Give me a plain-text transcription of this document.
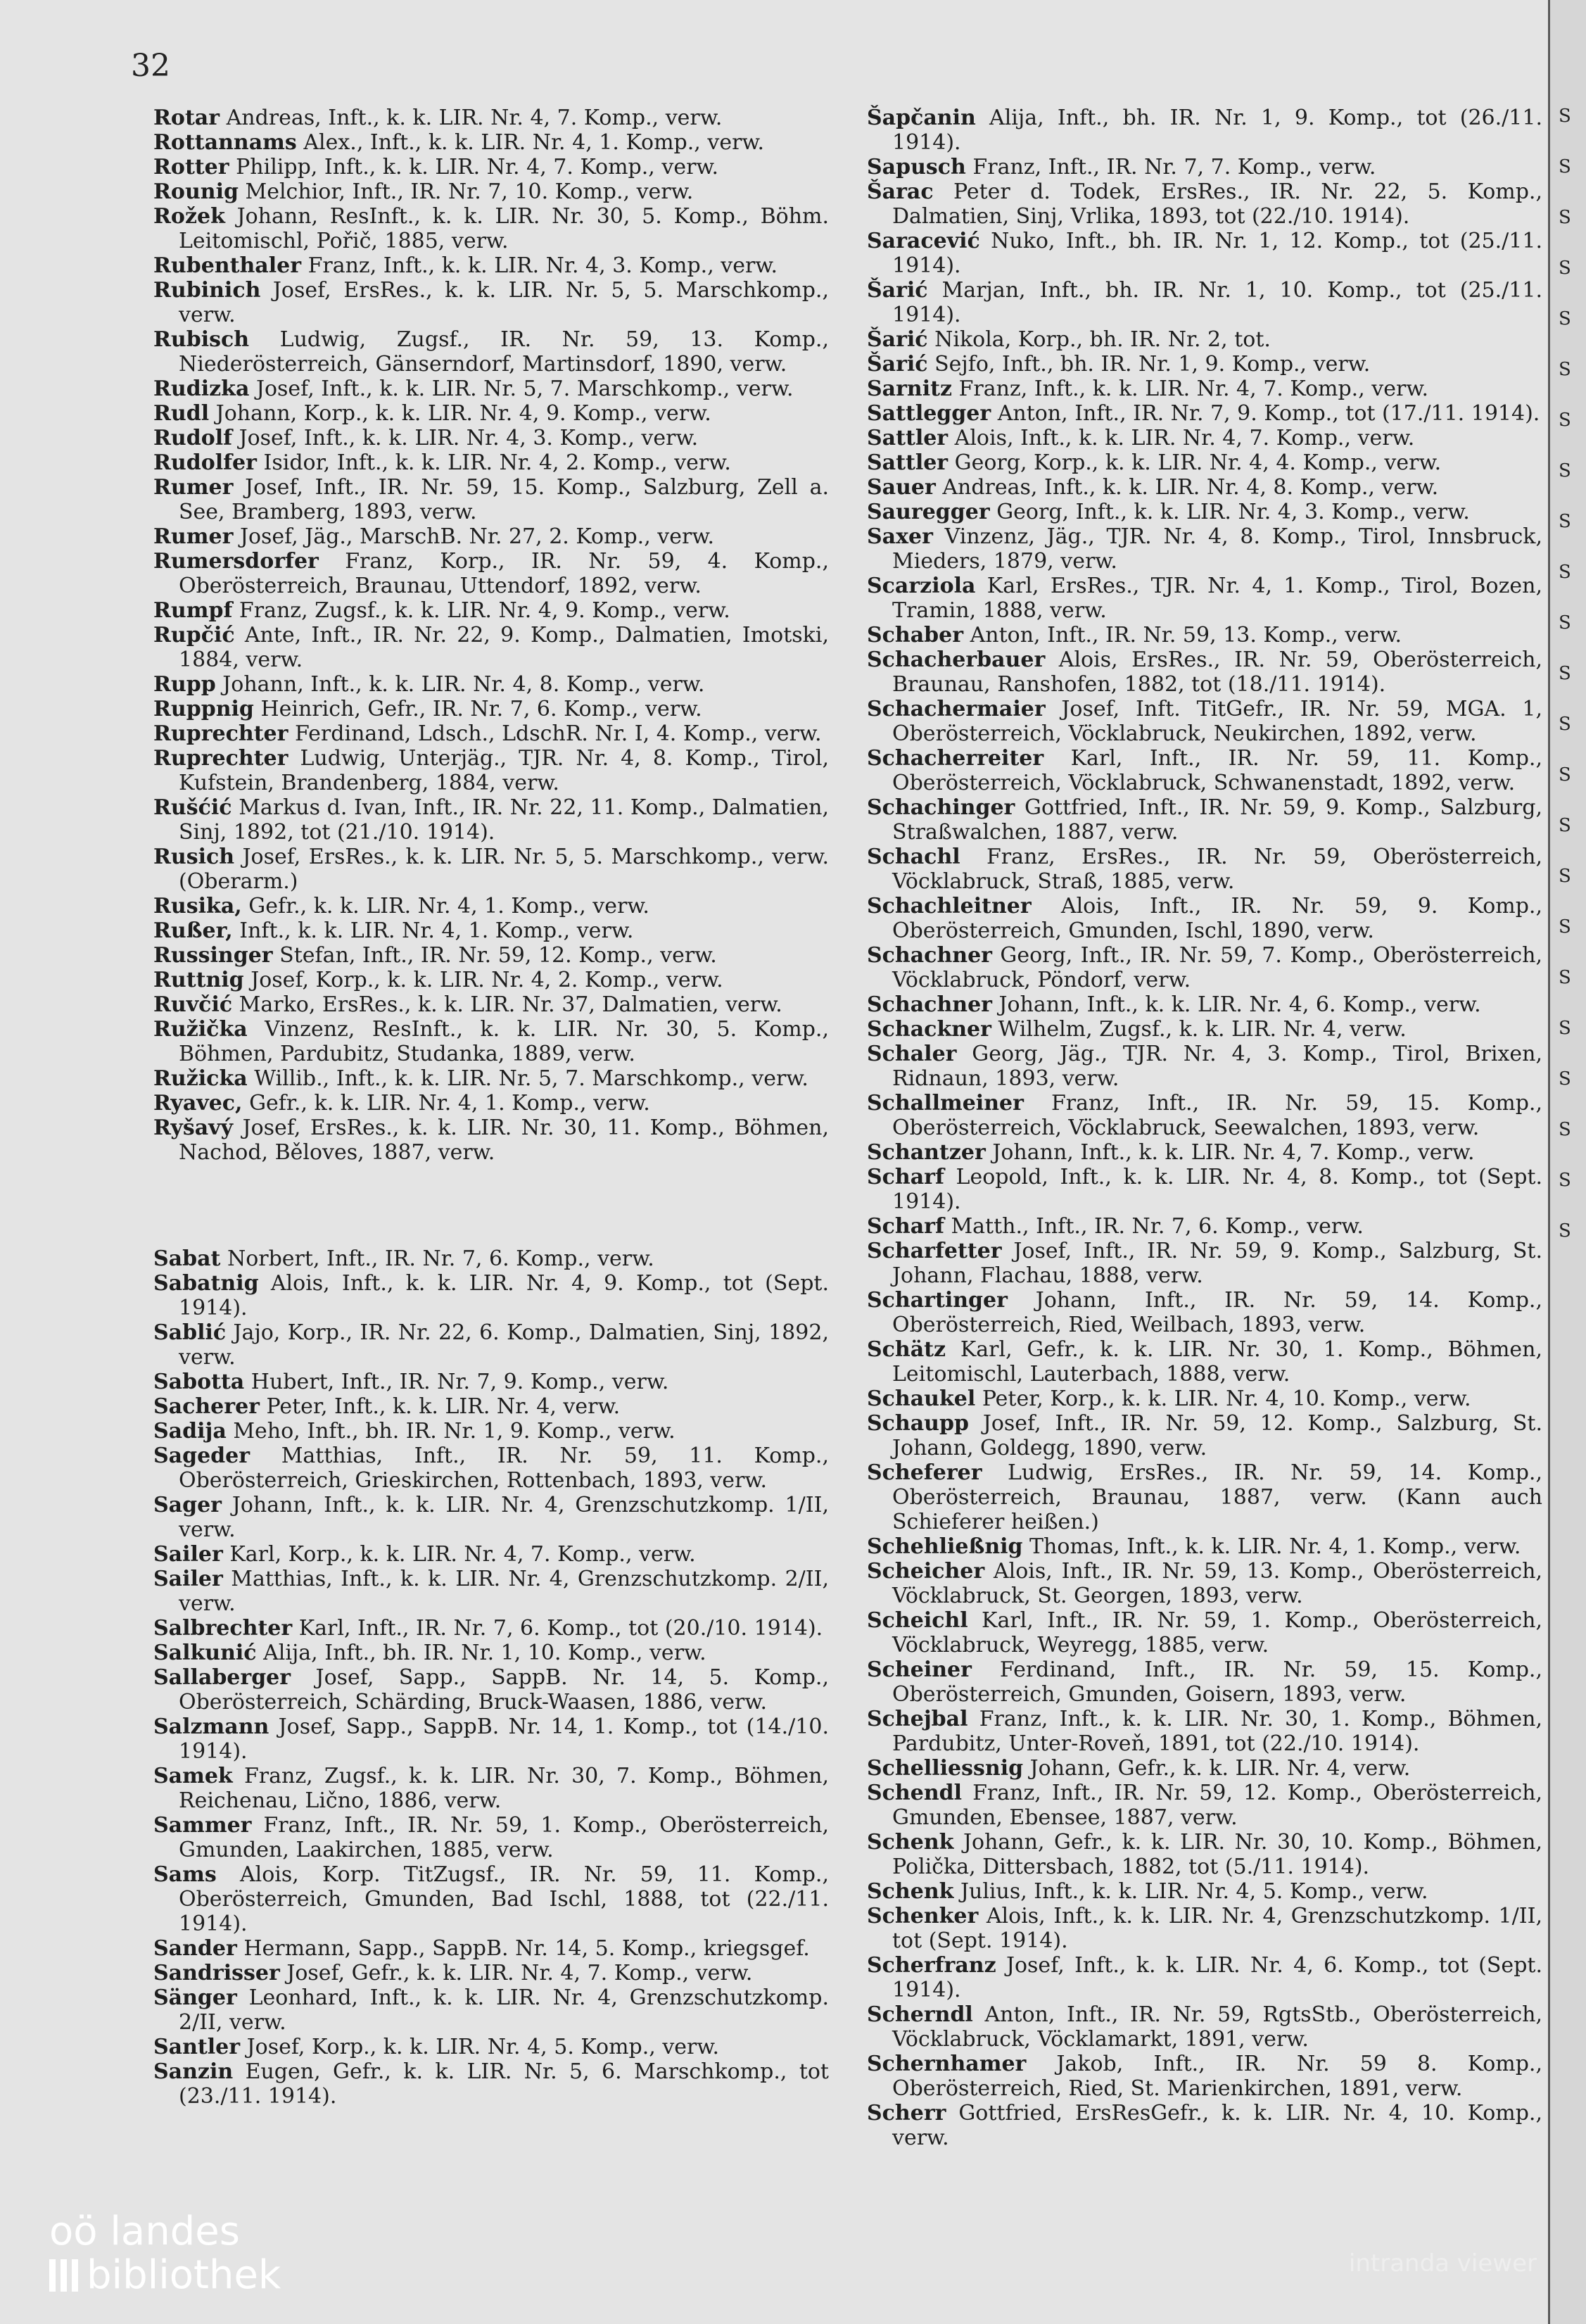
32

Rotar Andreas, Inft., k. k. LIR. Nr. 4, 7. Komp., verw.

Rottannams Alex., Inft., k. k. LIR. Nr. 4, 1. Komp., verw.

Rotter Philipp, Inft., k. k. LIR. Nr. 4, 7. Komp., verw.

Rounig Melchior, Inft., IR. Nr. 7, 10. Komp., verw.

Rožek Johann, ResInft., k. k. LIR. Nr. 30, 5. Komp., Böhm. Leitomischl, Pořič, 1885, verw.

Rubenthaler Franz, Inft., k. k. LIR. Nr. 4, 3. Komp., verw.

Rubinich Josef, ErsRes., k. k. LIR. Nr. 5, 5. Marschkomp., verw.

Rubisch Ludwig, Zugsf., IR. Nr. 59, 13. Komp., Niederösterreich, Gänserndorf, Martinsdorf, 1890, verw.

Rudizka Josef, Inft., k. k. LIR. Nr. 5, 7. Marschkomp., verw.

Rudl Johann, Korp., k. k. LIR. Nr. 4, 9. Komp., verw.

Rudolf Josef, Inft., k. k. LIR. Nr. 4, 3. Komp., verw.

Rudolfer Isidor, Inft., k. k. LIR. Nr. 4, 2. Komp., verw.

Rumer Josef, Inft., IR. Nr. 59, 15. Komp., Salzburg, Zell a. See, Bramberg, 1893, verw.

Rumer Josef, Jäg., MarschB. Nr. 27, 2. Komp., verw.

Rumersdorfer Franz, Korp., IR. Nr. 59, 4. Komp., Oberösterreich, Braunau, Uttendorf, 1892, verw.

Rumpf Franz, Zugsf., k. k. LIR. Nr. 4, 9. Komp., verw.

Rupčić Ante, Inft., IR. Nr. 22, 9. Komp., Dalmatien, Imotski, 1884, verw.

Rupp Johann, Inft., k. k. LIR. Nr. 4, 8. Komp., verw.

Ruppnig Heinrich, Gefr., IR. Nr. 7, 6. Komp., verw.

Ruprechter Ferdinand, Ldsch., LdschR. Nr. I, 4. Komp., verw.

Ruprechter Ludwig, Unterjäg., TJR. Nr. 4, 8. Komp., Tirol, Kufstein, Brandenberg, 1884, verw.

Rušćić Markus d. Ivan, Inft., IR. Nr. 22, 11. Komp., Dalmatien, Sinj, 1892, tot (21./10. 1914).

Rusich Josef, ErsRes., k. k. LIR. Nr. 5, 5. Marschkomp., verw. (Oberarm.)

Rusika, Gefr., k. k. LIR. Nr. 4, 1. Komp., verw.

Rußer, Inft., k. k. LIR. Nr. 4, 1. Komp., verw.

Russinger Stefan, Inft., IR. Nr. 59, 12. Komp., verw.

Ruttnig Josef, Korp., k. k. LIR. Nr. 4, 2. Komp., verw.

Ruvčić Marko, ErsRes., k. k. LIR. Nr. 37, Dalmatien, verw.

Ružička Vinzenz, ResInft., k. k. LIR. Nr. 30, 5. Komp., Böhmen, Pardubitz, Studanka, 1889, verw.

Ružicka Willib., Inft., k. k. LIR. Nr. 5, 7. Marschkomp., verw.

Ryavec, Gefr., k. k. LIR. Nr. 4, 1. Komp., verw.

Ryšavý Josef, ErsRes., k. k. LIR. Nr. 30, 11. Komp., Böhmen, Nachod, Běloves, 1887, verw.

Sabat Norbert, Inft., IR. Nr. 7, 6. Komp., verw.

Sabatnig Alois, Inft., k. k. LIR. Nr. 4, 9. Komp., tot (Sept. 1914).

Sablić Jajo, Korp., IR. Nr. 22, 6. Komp., Dalmatien, Sinj, 1892, verw.

Sabotta Hubert, Inft., IR. Nr. 7, 9. Komp., verw.

Sacherer Peter, Inft., k. k. LIR. Nr. 4, verw.

Sadija Meho, Inft., bh. IR. Nr. 1, 9. Komp., verw.

Sageder Matthias, Inft., IR. Nr. 59, 11. Komp., Oberösterreich, Grieskirchen, Rottenbach, 1893, verw.

Sager Johann, Inft., k. k. LIR. Nr. 4, Grenzschutzkomp. 1/II, verw.

Sailer Karl, Korp., k. k. LIR. Nr. 4, 7. Komp., verw.

Sailer Matthias, Inft., k. k. LIR. Nr. 4, Grenzschutzkomp. 2/II, verw.

Salbrechter Karl, Inft., IR. Nr. 7, 6. Komp., tot (20./10. 1914).

Salkunić Alija, Inft., bh. IR. Nr. 1, 10. Komp., verw.

Sallaberger Josef, Sapp., SappB. Nr. 14, 5. Komp., Oberösterreich, Schärding, Bruck-Waasen, 1886, verw.

Salzmann Josef, Sapp., SappB. Nr. 14, 1. Komp., tot (14./10. 1914).

Samek Franz, Zugsf., k. k. LIR. Nr. 30, 7. Komp., Böhmen, Reichenau, Lično, 1886, verw.

Sammer Franz, Inft., IR. Nr. 59, 1. Komp., Oberösterreich, Gmunden, Laakirchen, 1885, verw.

Sams Alois, Korp. TitZugsf., IR. Nr. 59, 11. Komp., Oberösterreich, Gmunden, Bad Ischl, 1888, tot (22./11. 1914).

Sander Hermann, Sapp., SappB. Nr. 14, 5. Komp., kriegsgef.

Sandrisser Josef, Gefr., k. k. LIR. Nr. 4, 7. Komp., verw.

Sänger Leonhard, Inft., k. k. LIR. Nr. 4, Grenzschutzkomp. 2/II, verw.

Santler Josef, Korp., k. k. LIR. Nr. 4, 5. Komp., verw.

Sanzin Eugen, Gefr., k. k. LIR. Nr. 5, 6. Marschkomp., tot (23./11. 1914).

Šapčanin Alija, Inft., bh. IR. Nr. 1, 9. Komp., tot (26./11. 1914).

Sapusch Franz, Inft., IR. Nr. 7, 7. Komp., verw.

Šarac Peter d. Todek, ErsRes., IR. Nr. 22, 5. Komp., Dalmatien, Sinj, Vrlika, 1893, tot (22./10. 1914).

Saracević Nuko, Inft., bh. IR. Nr. 1, 12. Komp., tot (25./11. 1914).

Šarić Marjan, Inft., bh. IR. Nr. 1, 10. Komp., tot (25./11. 1914).

Šarić Nikola, Korp., bh. IR. Nr. 2, tot.

Šarić Sejfo, Inft., bh. IR. Nr. 1, 9. Komp., verw.

Sarnitz Franz, Inft., k. k. LIR. Nr. 4, 7. Komp., verw.

Sattlegger Anton, Inft., IR. Nr. 7, 9. Komp., tot (17./11. 1914).

Sattler Alois, Inft., k. k. LIR. Nr. 4, 7. Komp., verw.

Sattler Georg, Korp., k. k. LIR. Nr. 4, 4. Komp., verw.

Sauer Andreas, Inft., k. k. LIR. Nr. 4, 8. Komp., verw.

Sauregger Georg, Inft., k. k. LIR. Nr. 4, 3. Komp., verw.

Saxer Vinzenz, Jäg., TJR. Nr. 4, 8. Komp., Tirol, Innsbruck, Mieders, 1879, verw.

Scarziola Karl, ErsRes., TJR. Nr. 4, 1. Komp., Tirol, Bozen, Tramin, 1888, verw.

Schaber Anton, Inft., IR. Nr. 59, 13. Komp., verw.

Schacherbauer Alois, ErsRes., IR. Nr. 59, Oberösterreich, Braunau, Ranshofen, 1882, tot (18./11. 1914).

Schachermaier Josef, Inft. TitGefr., IR. Nr. 59, MGA. 1, Oberösterreich, Vöcklabruck, Neukirchen, 1892, verw.

Schacherreiter Karl, Inft., IR. Nr. 59, 11. Komp., Oberösterreich, Vöcklabruck, Schwanenstadt, 1892, verw.

Schachinger Gottfried, Inft., IR. Nr. 59, 9. Komp., Salzburg, Straßwalchen, 1887, verw.

Schachl Franz, ErsRes., IR. Nr. 59, Oberösterreich, Vöcklabruck, Straß, 1885, verw.

Schachleitner Alois, Inft., IR. Nr. 59, 9. Komp., Oberösterreich, Gmunden, Ischl, 1890, verw.

Schachner Georg, Inft., IR. Nr. 59, 7. Komp., Oberösterreich, Vöcklabruck, Pöndorf, verw.

Schachner Johann, Inft., k. k. LIR. Nr. 4, 6. Komp., verw.

Schackner Wilhelm, Zugsf., k. k. LIR. Nr. 4, verw.

Schaler Georg, Jäg., TJR. Nr. 4, 3. Komp., Tirol, Brixen, Ridnaun, 1893, verw.

Schallmeiner Franz, Inft., IR. Nr. 59, 15. Komp., Oberösterreich, Vöcklabruck, Seewalchen, 1893, verw.

Schantzer Johann, Inft., k. k. LIR. Nr. 4, 7. Komp., verw.

Scharf Leopold, Inft., k. k. LIR. Nr. 4, 8. Komp., tot (Sept. 1914).

Scharf Matth., Inft., IR. Nr. 7, 6. Komp., verw.

Scharfetter Josef, Inft., IR. Nr. 59, 9. Komp., Salzburg, St. Johann, Flachau, 1888, verw.

Schartinger Johann, Inft., IR. Nr. 59, 14. Komp., Oberösterreich, Ried, Weilbach, 1893, verw.

Schätz Karl, Gefr., k. k. LIR. Nr. 30, 1. Komp., Böhmen, Leitomischl, Lauterbach, 1888, verw.

Schaukel Peter, Korp., k. k. LIR. Nr. 4, 10. Komp., verw.

Schaupp Josef, Inft., IR. Nr. 59, 12. Komp., Salzburg, St. Johann, Goldegg, 1890, verw.

Scheferer Ludwig, ErsRes., IR. Nr. 59, 14. Komp., Oberösterreich, Braunau, 1887, verw. (Kann auch Schieferer heißen.)

Schehließnig Thomas, Inft., k. k. LIR. Nr. 4, 1. Komp., verw.

Scheicher Alois, Inft., IR. Nr. 59, 13. Komp., Oberösterreich, Vöcklabruck, St. Georgen, 1893, verw.

Scheichl Karl, Inft., IR. Nr. 59, 1. Komp., Oberösterreich, Vöcklabruck, Weyregg, 1885, verw.

Scheiner Ferdinand, Inft., IR. Nr. 59, 15. Komp., Oberösterreich, Gmunden, Goisern, 1893, verw.

Schejbal Franz, Inft., k. k. LIR. Nr. 30, 1. Komp., Böhmen, Pardubitz, Unter-Roveň, 1891, tot (22./10. 1914).

Schelliessnig Johann, Gefr., k. k. LIR. Nr. 4, verw.

Schendl Franz, Inft., IR. Nr. 59, 12. Komp., Oberösterreich, Gmunden, Ebensee, 1887, verw.

Schenk Johann, Gefr., k. k. LIR. Nr. 30, 10. Komp., Böhmen, Polička, Dittersbach, 1882, tot (5./11. 1914).

Schenk Julius, Inft., k. k. LIR. Nr. 4, 5. Komp., verw.

Schenker Alois, Inft., k. k. LIR. Nr. 4, Grenzschutzkomp. 1/II, tot (Sept. 1914).

Scherfranz Josef, Inft., k. k. LIR. Nr. 4, 6. Komp., tot (Sept. 1914).

Scherndl Anton, Inft., IR. Nr. 59, RgtsStb., Oberösterreich, Vöcklabruck, Vöcklamarkt, 1891, verw.

Schernhamer Jakob, Inft., IR. Nr. 59 8. Komp., Oberösterreich, Ried, St. Marienkirchen, 1891, verw.

Scherr Gottfried, ErsResGefr., k. k. LIR. Nr. 4, 10. Komp., verw.

S
S
S
S
S
S
S
S
S
S
S
S
S
S
S
S
S
S
S
S
S
S
S
oö landes
bibliothek	intranda viewer
